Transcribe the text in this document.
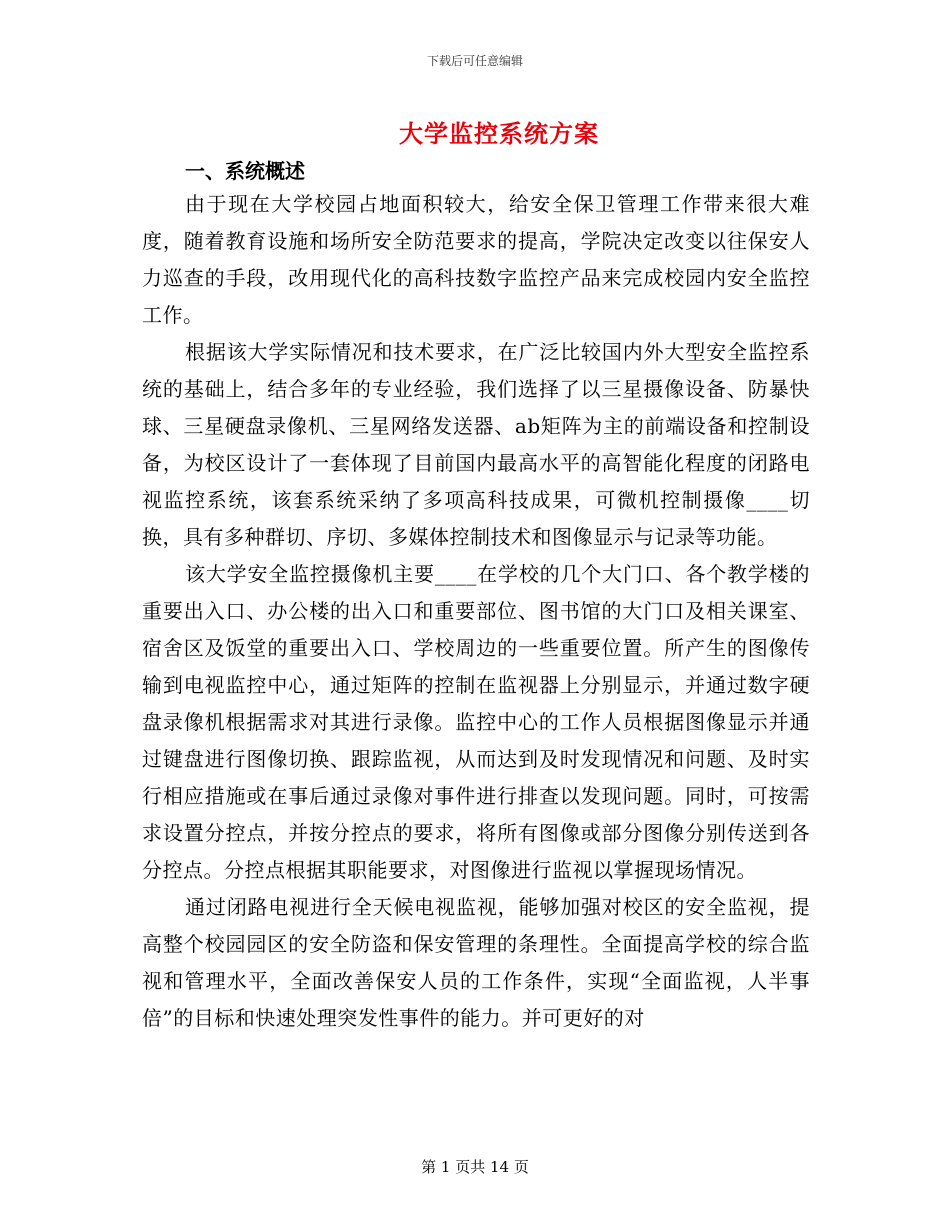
下载后可任意编辑
大学监控系统方案
一、系统概述

由于现在大学校园占地面积较大，给安全保卫管理工作带来很大难度，随着教育设施和场所安全防范要求的提高，学院决定改变以往保安人力巡查的手段，改用现代化的高科技数字监控产品来完成校园内安全监控工作。

根据该大学实际情况和技术要求，在广泛比较国内外大型安全监控系统的基础上，结合多年的专业经验，我们选择了以三星摄像设备、防暴快球、三星硬盘录像机、三星网络发送器、ab矩阵为主的前端设备和控制设备，为校区设计了一套体现了目前国内最高水平的高智能化程度的闭路电视监控系统，该套系统采纳了多项高科技成果，可微机控制摄像____切换，具有多种群切、序切、多媒体控制技术和图像显示与记录等功能。

该大学安全监控摄像机主要____在学校的几个大门口、各个教学楼的重要出入口、办公楼的出入口和重要部位、图书馆的大门口及相关课室、宿舍区及饭堂的重要出入口、学校周边的一些重要位置。所产生的图像传输到电视监控中心，通过矩阵的控制在监视器上分别显示，并通过数字硬盘录像机根据需求对其进行录像。监控中心的工作人员根据图像显示并通过键盘进行图像切换、跟踪监视，从而达到及时发现情况和问题、及时实行相应措施或在事后通过录像对事件进行排查以发现问题。同时，可按需求设置分控点，并按分控点的要求，将所有图像或部分图像分别传送到各分控点。分控点根据其职能要求，对图像进行监视以掌握现场情况。

通过闭路电视进行全天候电视监视，能够加强对校区的安全监视，提高整个校园园区的安全防盗和保安管理的条理性。全面提高学校的综合监视和管理水平，全面改善保安人员的工作条件，实现“全面监视，人半事倍”的目标和快速处理突发性事件的能力。并可更好的对

第 1 页共 14 页
